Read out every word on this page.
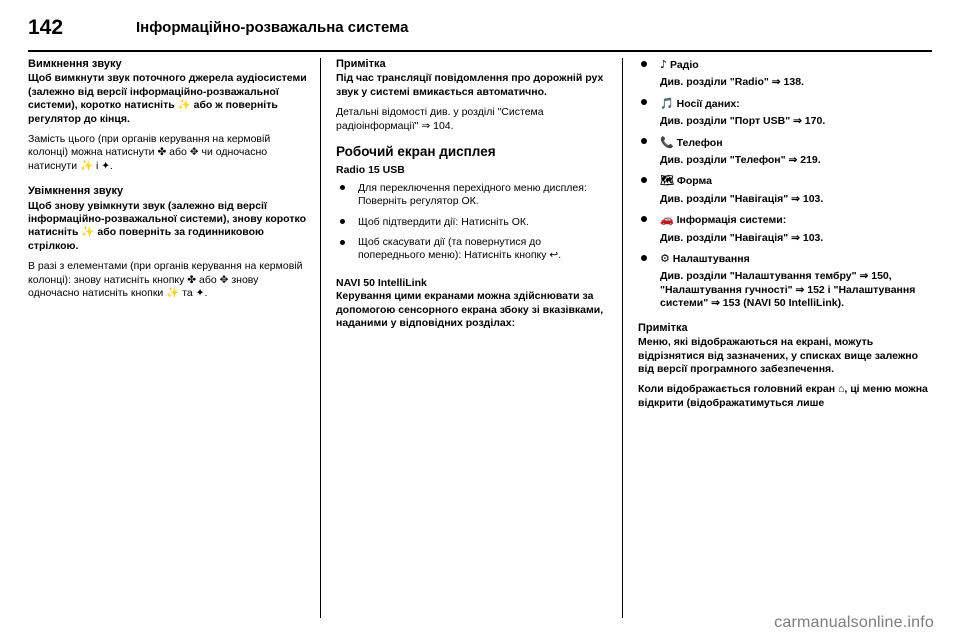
142	Інформаційно-розважальна система
Вимкнення звуку

Щоб вимкнути звук поточного джерела аудіосистеми (залежно від версії інформаційно-розважальної системи), коротко натисніть ✨ або ж повернiть регулятор до кінця.

Замість цього (при органів керування на кермовій колонці) можна натиснути ✤ або ✥ чи одночасно натиснути ✨ і ✦.

Увімкнення звуку

Щоб знову увімкнути звук (залежно від версії інформаційно-розважальної системи), знову коротко натисніть ✨ або повернiть за годинниковою стрілкою.

В разі з елементами (при органів керування на кермовій колонці): знову натисніть кнопку ✤ або ✥ знову одночасно натисніть кнопки ✨ та ✦.

Примітка

Під час трансляції повідомлення про дорожній рух звук у системі вмикається автоматично.

Детальні відомості див. у розділі "Система радіоінформації" ⇒ 104.

Робочий екран дисплея

Radio 15 USB

Для переключення перехідного меню дисплея: Повернiть регулятор ОК.
Щоб підтвердити дії: Натисніть ОК.
Щоб скасувати дії (та повернутися до попереднього меню): Натисніть кнопку ↩.

NAVI 50 IntelliLink

Керування цими екранами можна здійснювати за допомогою сенсорного екрана збоку зі вказівками, наданими у відповідних розділах:

♪ Радіо
Див. розділи "Radio" ⇒ 138.
🎵 Носії даних:
Див. розділи "Порт USB" ⇒ 170.
📞 Телефон
Див. розділи "Телефон" ⇒ 219.
🗺 Форма
Див. розділи "Навігація" ⇒ 103.
🚗 Інформація системи:
Див. розділи "Навігація" ⇒ 103.
⚙ Налаштування
Див. розділи "Налаштування тембру" ⇒ 150, "Налаштування гучності" ⇒ 152 і "Налаштування системи" ⇒ 153 (NAVI 50 IntelliLink).
Примітка

Меню, які відображаються на екрані, можуть відрізнятися від зазначених, у списках вище залежно від версії програмного забезпечення.

Коли відображається головний екран ⌂, ці меню можна відкрити (відображатимуться лише

carmanualsonline.info
